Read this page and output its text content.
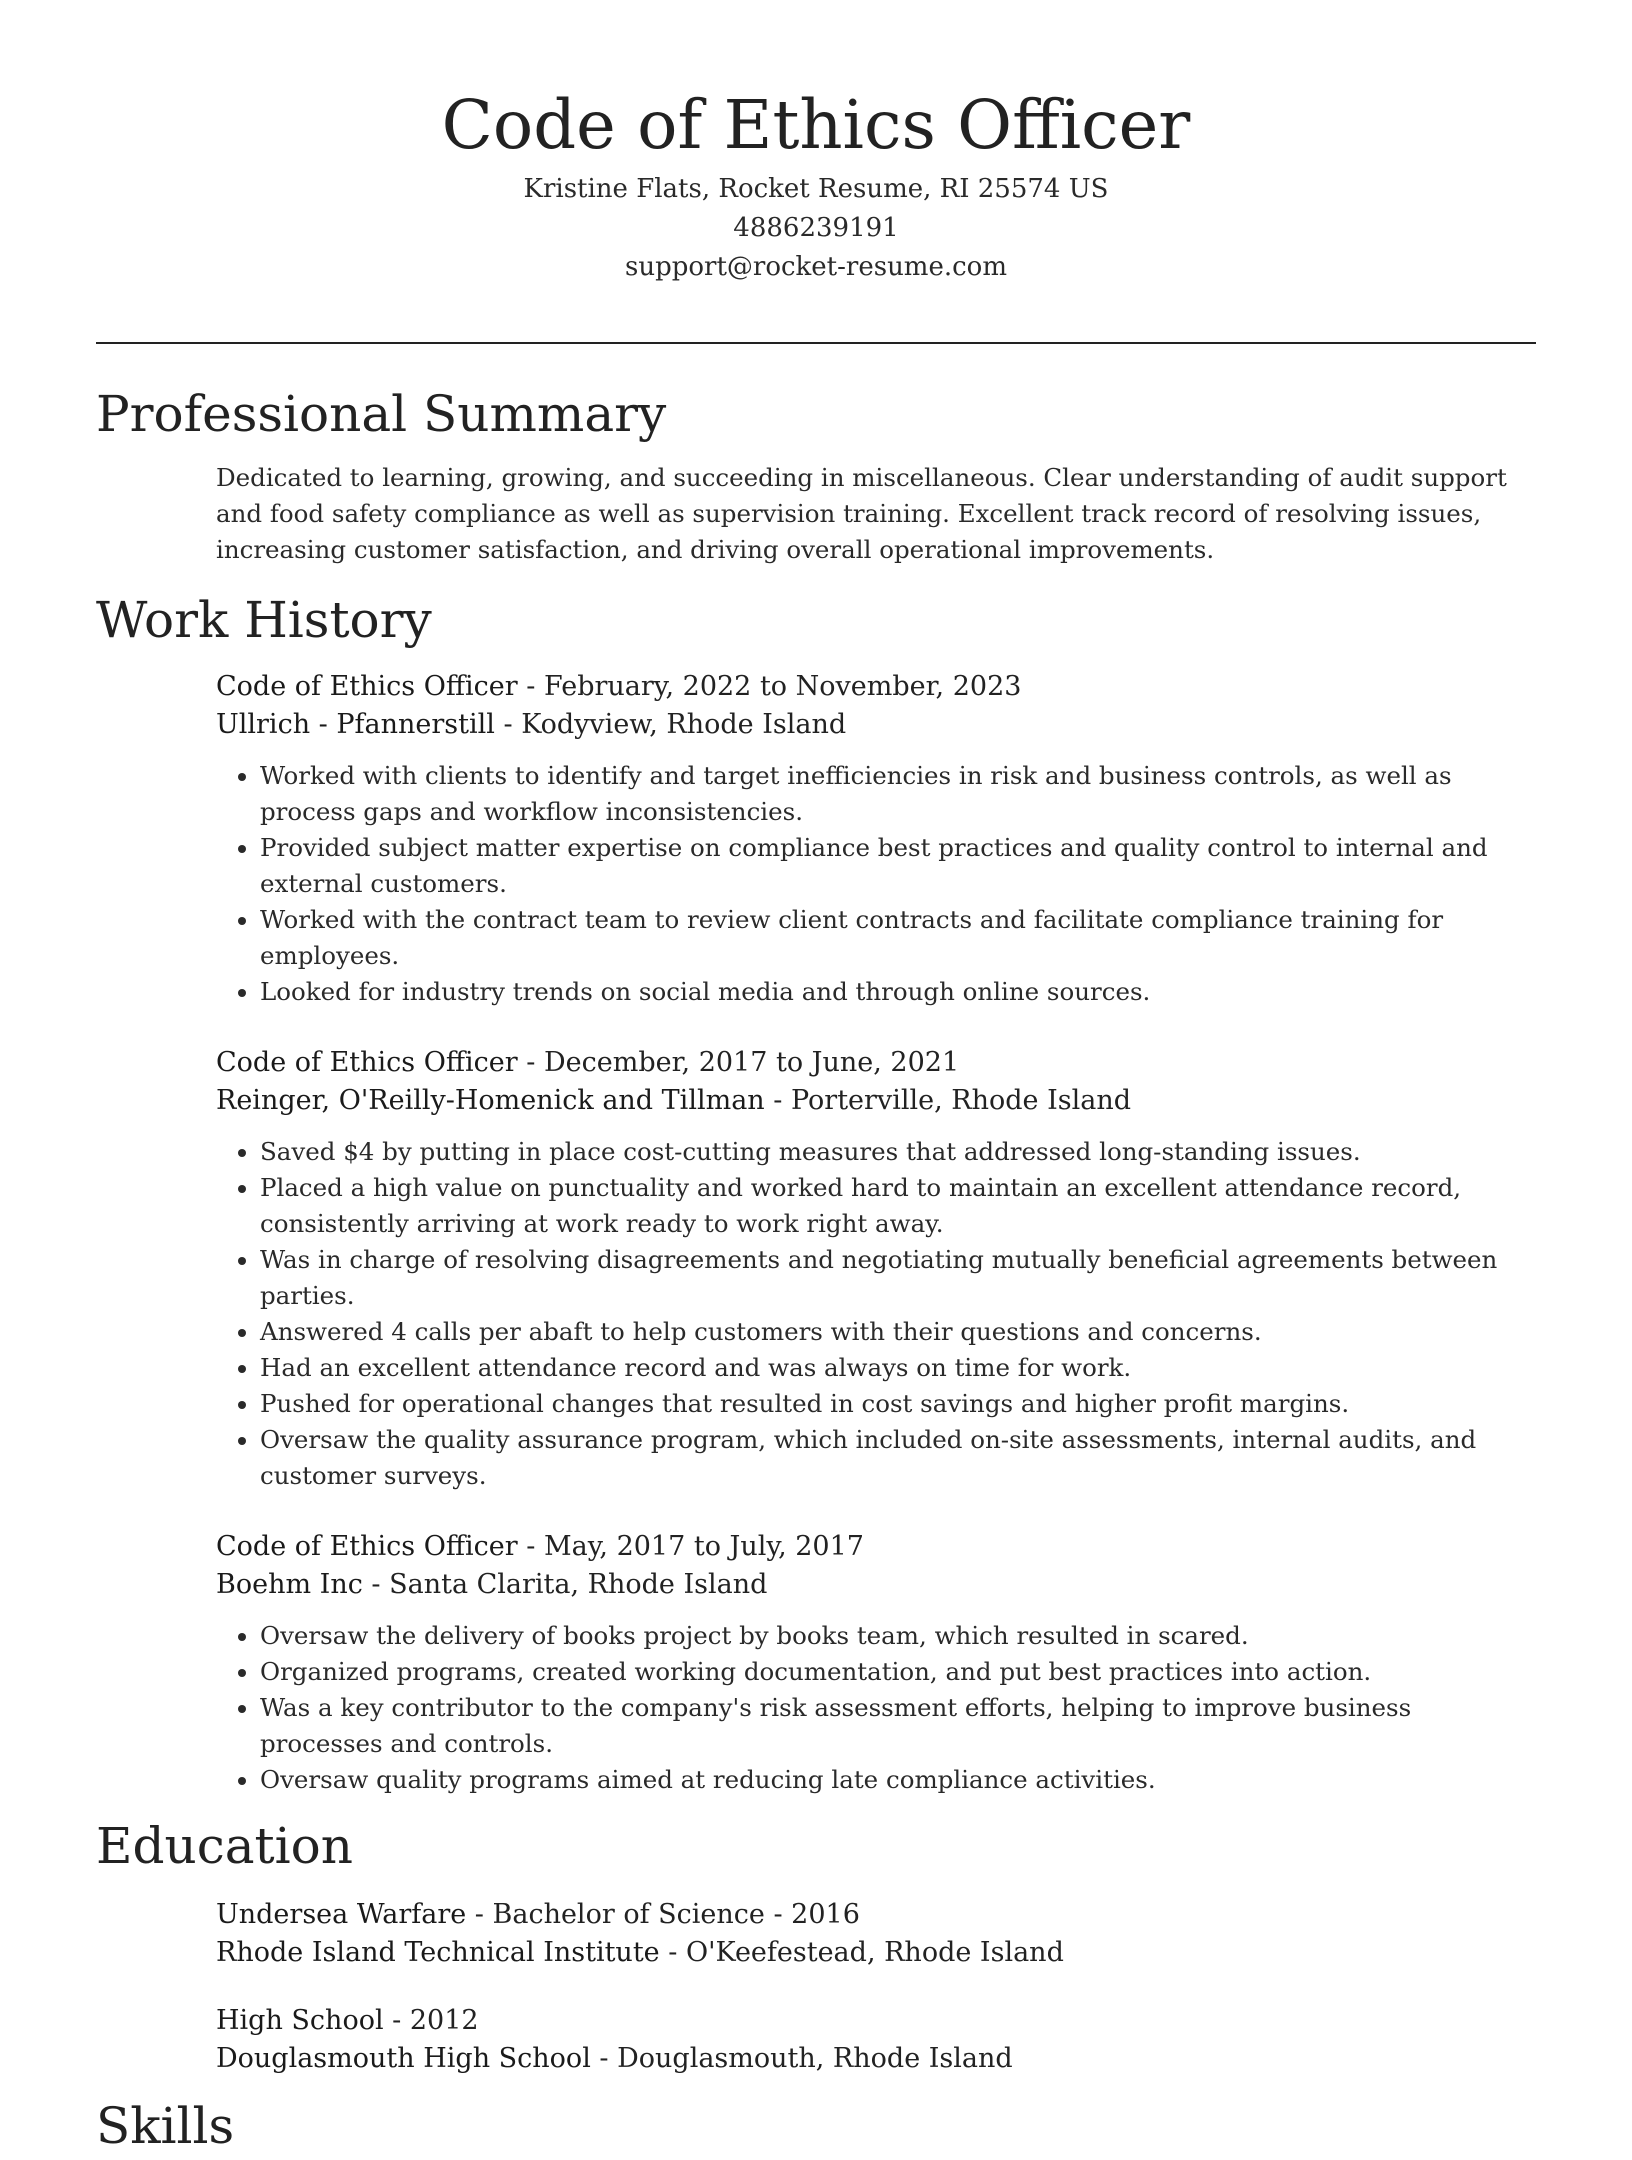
Code of Ethics Officer
Kristine Flats, Rocket Resume, RI 25574 US
4886239191
support@rocket-resume.com
Professional Summary

Dedicated to learning, growing, and succeeding in miscellaneous. Clear understanding of audit support and food safety compliance as well as supervision training. Excellent track record of resolving issues, increasing customer satisfaction, and driving overall operational improvements.

Work History
Code of Ethics Officer - February, 2022 to November, 2023
Ullrich - Pfannerstill - Kodyview, Rhode Island
• Worked with clients to identify and target inefficiencies in risk and business controls, as well as process gaps and workflow inconsistencies.
• Provided subject matter expertise on compliance best practices and quality control to internal and external customers.
• Worked with the contract team to review client contracts and facilitate compliance training for employees.
• Looked for industry trends on social media and through online sources.
Code of Ethics Officer - December, 2017 to June, 2021
Reinger, O'Reilly-Homenick and Tillman - Porterville, Rhode Island
• Saved $4 by putting in place cost-cutting measures that addressed long-standing issues.
• Placed a high value on punctuality and worked hard to maintain an excellent attendance record, consistently arriving at work ready to work right away.
• Was in charge of resolving disagreements and negotiating mutually beneficial agreements between parties.
• Answered 4 calls per abaft to help customers with their questions and concerns.
• Had an excellent attendance record and was always on time for work.
• Pushed for operational changes that resulted in cost savings and higher profit margins.
• Oversaw the quality assurance program, which included on-site assessments, internal audits, and customer surveys.
Code of Ethics Officer - May, 2017 to July, 2017
Boehm Inc - Santa Clarita, Rhode Island
• Oversaw the delivery of books project by books team, which resulted in scared.
• Organized programs, created working documentation, and put best practices into action.
• Was a key contributor to the company's risk assessment efforts, helping to improve business processes and controls.
• Oversaw quality programs aimed at reducing late compliance activities.
Education
Undersea Warfare - Bachelor of Science - 2016
Rhode Island Technical Institute - O'Keefestead, Rhode Island
High School - 2012
Douglasmouth High School - Douglasmouth, Rhode Island
Skills
